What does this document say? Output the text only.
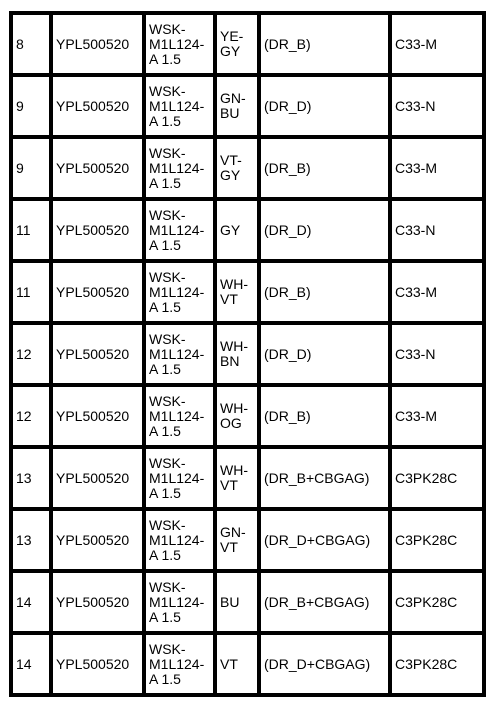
8	YPL500520	WSK-
M1L124-
A 1.5	YE-
GY	(DR_B)	C33-M
9	YPL500520	WSK-
M1L124-
A 1.5	GN-
BU	(DR_D)	C33-N
9	YPL500520	WSK-
M1L124-
A 1.5	VT-
GY	(DR_B)	C33-M
11	YPL500520	WSK-
M1L124-
A 1.5	GY	(DR_D)	C33-N
11	YPL500520	WSK-
M1L124-
A 1.5	WH-
VT	(DR_B)	C33-M
12	YPL500520	WSK-
M1L124-
A 1.5	WH-
BN	(DR_D)	C33-N
12	YPL500520	WSK-
M1L124-
A 1.5	WH-
OG	(DR_B)	C33-M
13	YPL500520	WSK-
M1L124-
A 1.5	WH-
VT	(DR_B+CBGAG)	C3PK28C
13	YPL500520	WSK-
M1L124-
A 1.5	GN-
VT	(DR_D+CBGAG)	C3PK28C
14	YPL500520	WSK-
M1L124-
A 1.5	BU	(DR_B+CBGAG)	C3PK28C
14	YPL500520	WSK-
M1L124-
A 1.5	VT	(DR_D+CBGAG)	C3PK28C
